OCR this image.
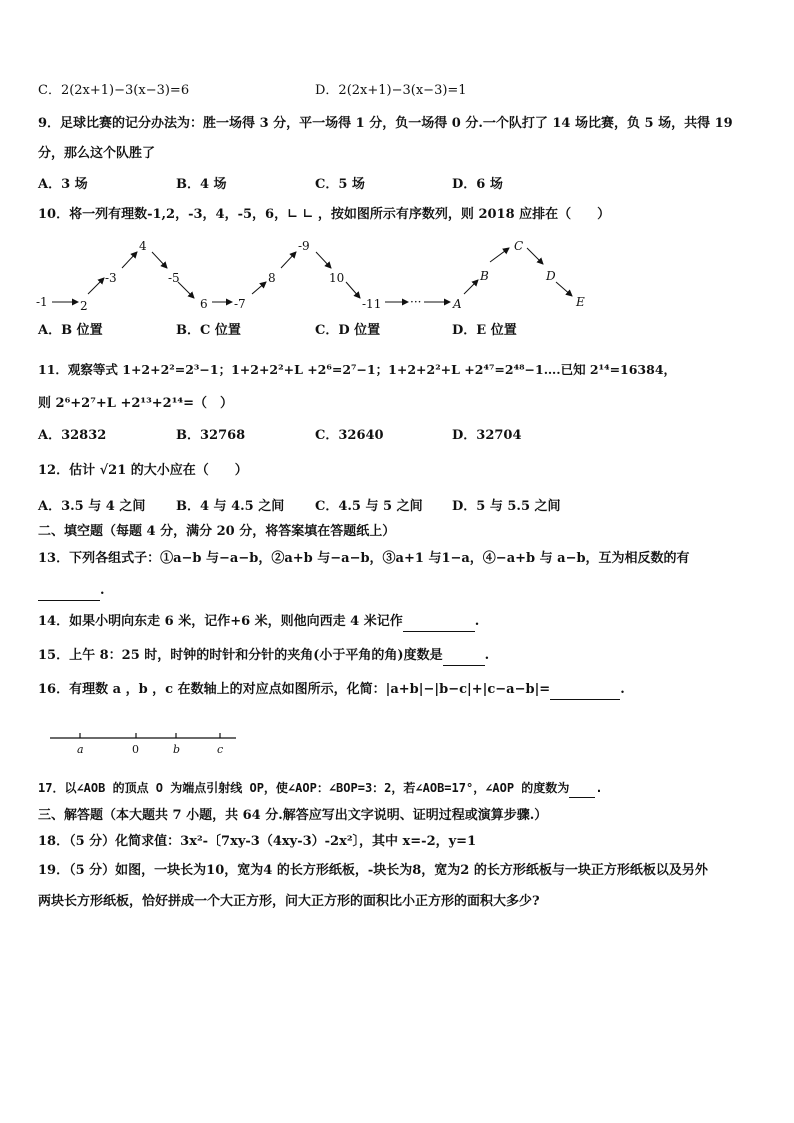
C．2(2x+1)−3(x−3)=6	D．2(2x+1)−3(x−3)=1
9．足球比赛的记分办法为：胜一场得 3 分，平一场得 1 分，负一场得 0 分.一个队打了 14 场比赛，负 5 场，共得 19
分，那么这个队胜了
A．3 场	B．4 场	C．5 场	D．6 场
10．将一列有理数-1,2，-3，4，-5，6，∟ ∟ ，按如图所示有序数列，则 2018 应排在（　　）
-1	2
-3
4
-5
6 -7
8
-9
10
-11 ···	A
B
C
D
E
A．B 位置	B．C 位置	C．D 位置	D．E 位置
11．观察等式 1+2+2²=2³−1；1+2+2²+L +2⁶=2⁷−1；1+2+2²+L +2⁴⁷=2⁴⁸−1….已知 2¹⁴=16384，
则 2⁶+2⁷+L +2¹³+2¹⁴=（　）
A．32832	B．32768	C．32640	D．32704
12．估计 √21 的大小应在（　　）
A．3.5 与 4 之间 B．4 与 4.5 之间 C．4.5 与 5 之间 D．5 与 5.5 之间
二、填空题（每题 4 分，满分 20 分，将答案填在答题纸上）
13．下列各组式子：①a−b 与−a−b，②a+b 与−a−b，③a+1 与1−a，④−a+b 与 a−b，互为相反数的有
.
14．如果小明向东走 6 米，记作+6 米，则他向西走 4 米记作	.
15．上午 8：25 时，时钟的时针和分针的夹角(小于平角的角)度数是	.
16．有理数 a ，b ，c 在数轴上的对应点如图所示，化简：|a+b|−|b−c|+|c−a−b|=	.
a	0	b	c
17．以∠AOB 的顶点 O 为端点引射线 OP，使∠AOP：∠BOP=3：2，若∠AOB=17°，∠AOP 的度数为 .
三、解答题（本大题共 7 小题，共 64 分.解答应写出文字说明、证明过程或演算步骤.）
18．（5 分）化简求值：3x²-〔7xy-3（4xy-3）-2x²〕，其中 x=-2，y=1
19．（5 分）如图，一块长为10，宽为4 的长方形纸板，-块长为8，宽为2 的长方形纸板与一块正方形纸板以及另外
两块长方形纸板，恰好拼成一个大正方形，问大正方形的面积比小正方形的面积大多少?
